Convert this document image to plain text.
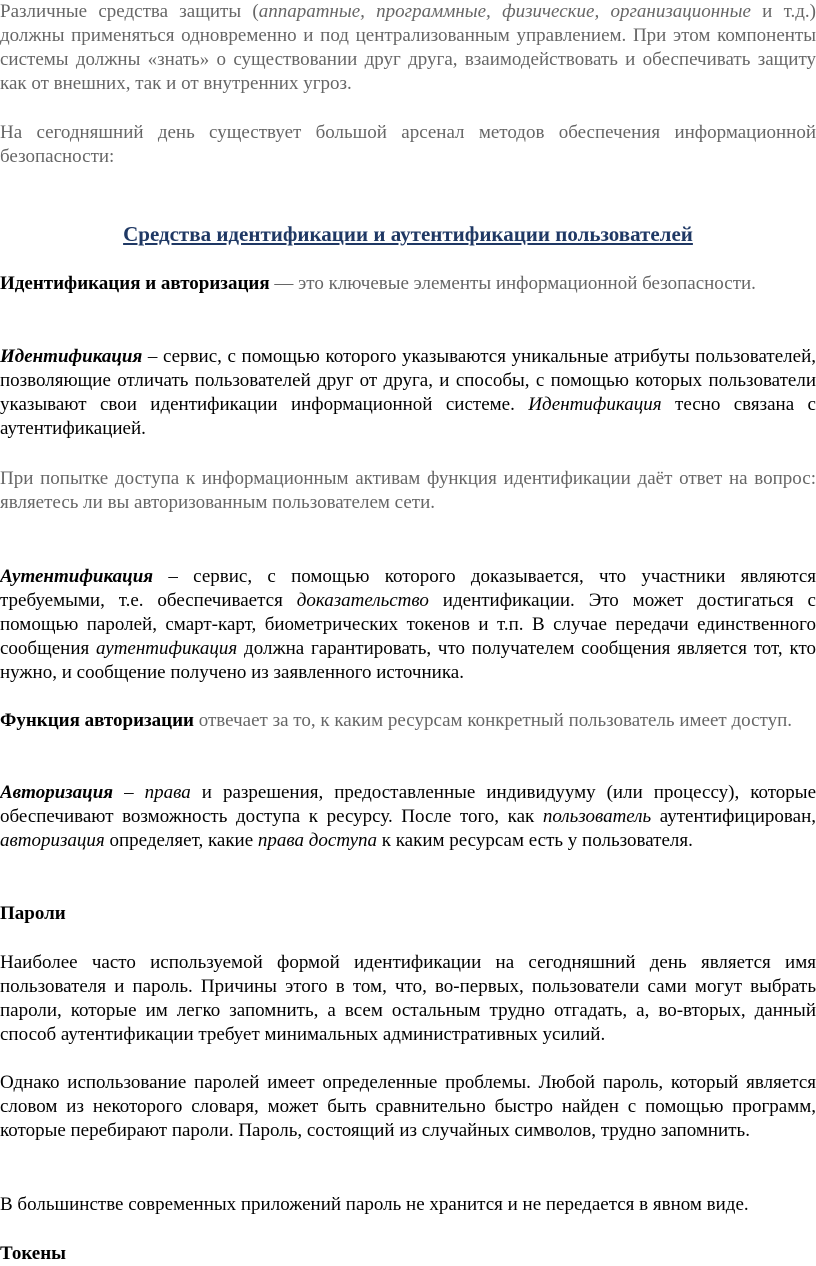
Различные средства защиты (аппаратные, программные, физические, организационные и т.д.) должны применяться одновременно и под централизованным управлением. При этом компоненты системы должны «знать» о существовании друг друга, взаимодействовать и обеспечивать защиту как от внешних, так и от внутренних угроз.

На сегодняшний день существует большой арсенал методов обеспечения информационной безопасности:

Средства идентификации и аутентификации пользователей

Идентификация и авторизация — это ключевые элементы информационной безопасности.

Идентификация – сервис, с помощью которого указываются уникальные атрибуты пользователей, позволяющие отличать пользователей друг от друга, и способы, с помощью которых пользователи указывают свои идентификации информационной системе. Идентификация тесно связана с аутентификацией.

При попытке доступа к информационным активам функция идентификации даёт ответ на вопрос: являетесь ли вы авторизованным пользователем сети.

Аутентификация – сервис, с помощью которого доказывается, что участники являются требуемыми, т.е. обеспечивается доказательство идентификации. Это может достигаться с помощью паролей, смарт-карт, биометрических токенов и т.п. В случае передачи единственного сообщения аутентификация должна гарантировать, что получателем сообщения является тот, кто нужно, и сообщение получено из заявленного источника.

Функция авторизации отвечает за то, к каким ресурсам конкретный пользователь имеет доступ.

Авторизация – права и разрешения, предоставленные индивидууму (или процессу), которые обеспечивают возможность доступа к ресурсу. После того, как пользователь аутентифицирован, авторизация определяет, какие права доступа к каким ресурсам есть у пользователя.

Пароли

Наиболее часто используемой формой идентификации на сегодняшний день является имя пользователя и пароль. Причины этого в том, что, во-первых, пользователи сами могут выбрать пароли, которые им легко запомнить, а всем остальным трудно отгадать, а, во-вторых, данный способ аутентификации требует минимальных административных усилий.

Однако использование паролей имеет определенные проблемы. Любой пароль, который является словом из некоторого словаря, может быть сравнительно быстро найден с помощью программ, которые перебирают пароли. Пароль, состоящий из случайных символов, трудно запомнить.

В большинстве современных приложений пароль не хранится и не передается в явном виде.

Токены
